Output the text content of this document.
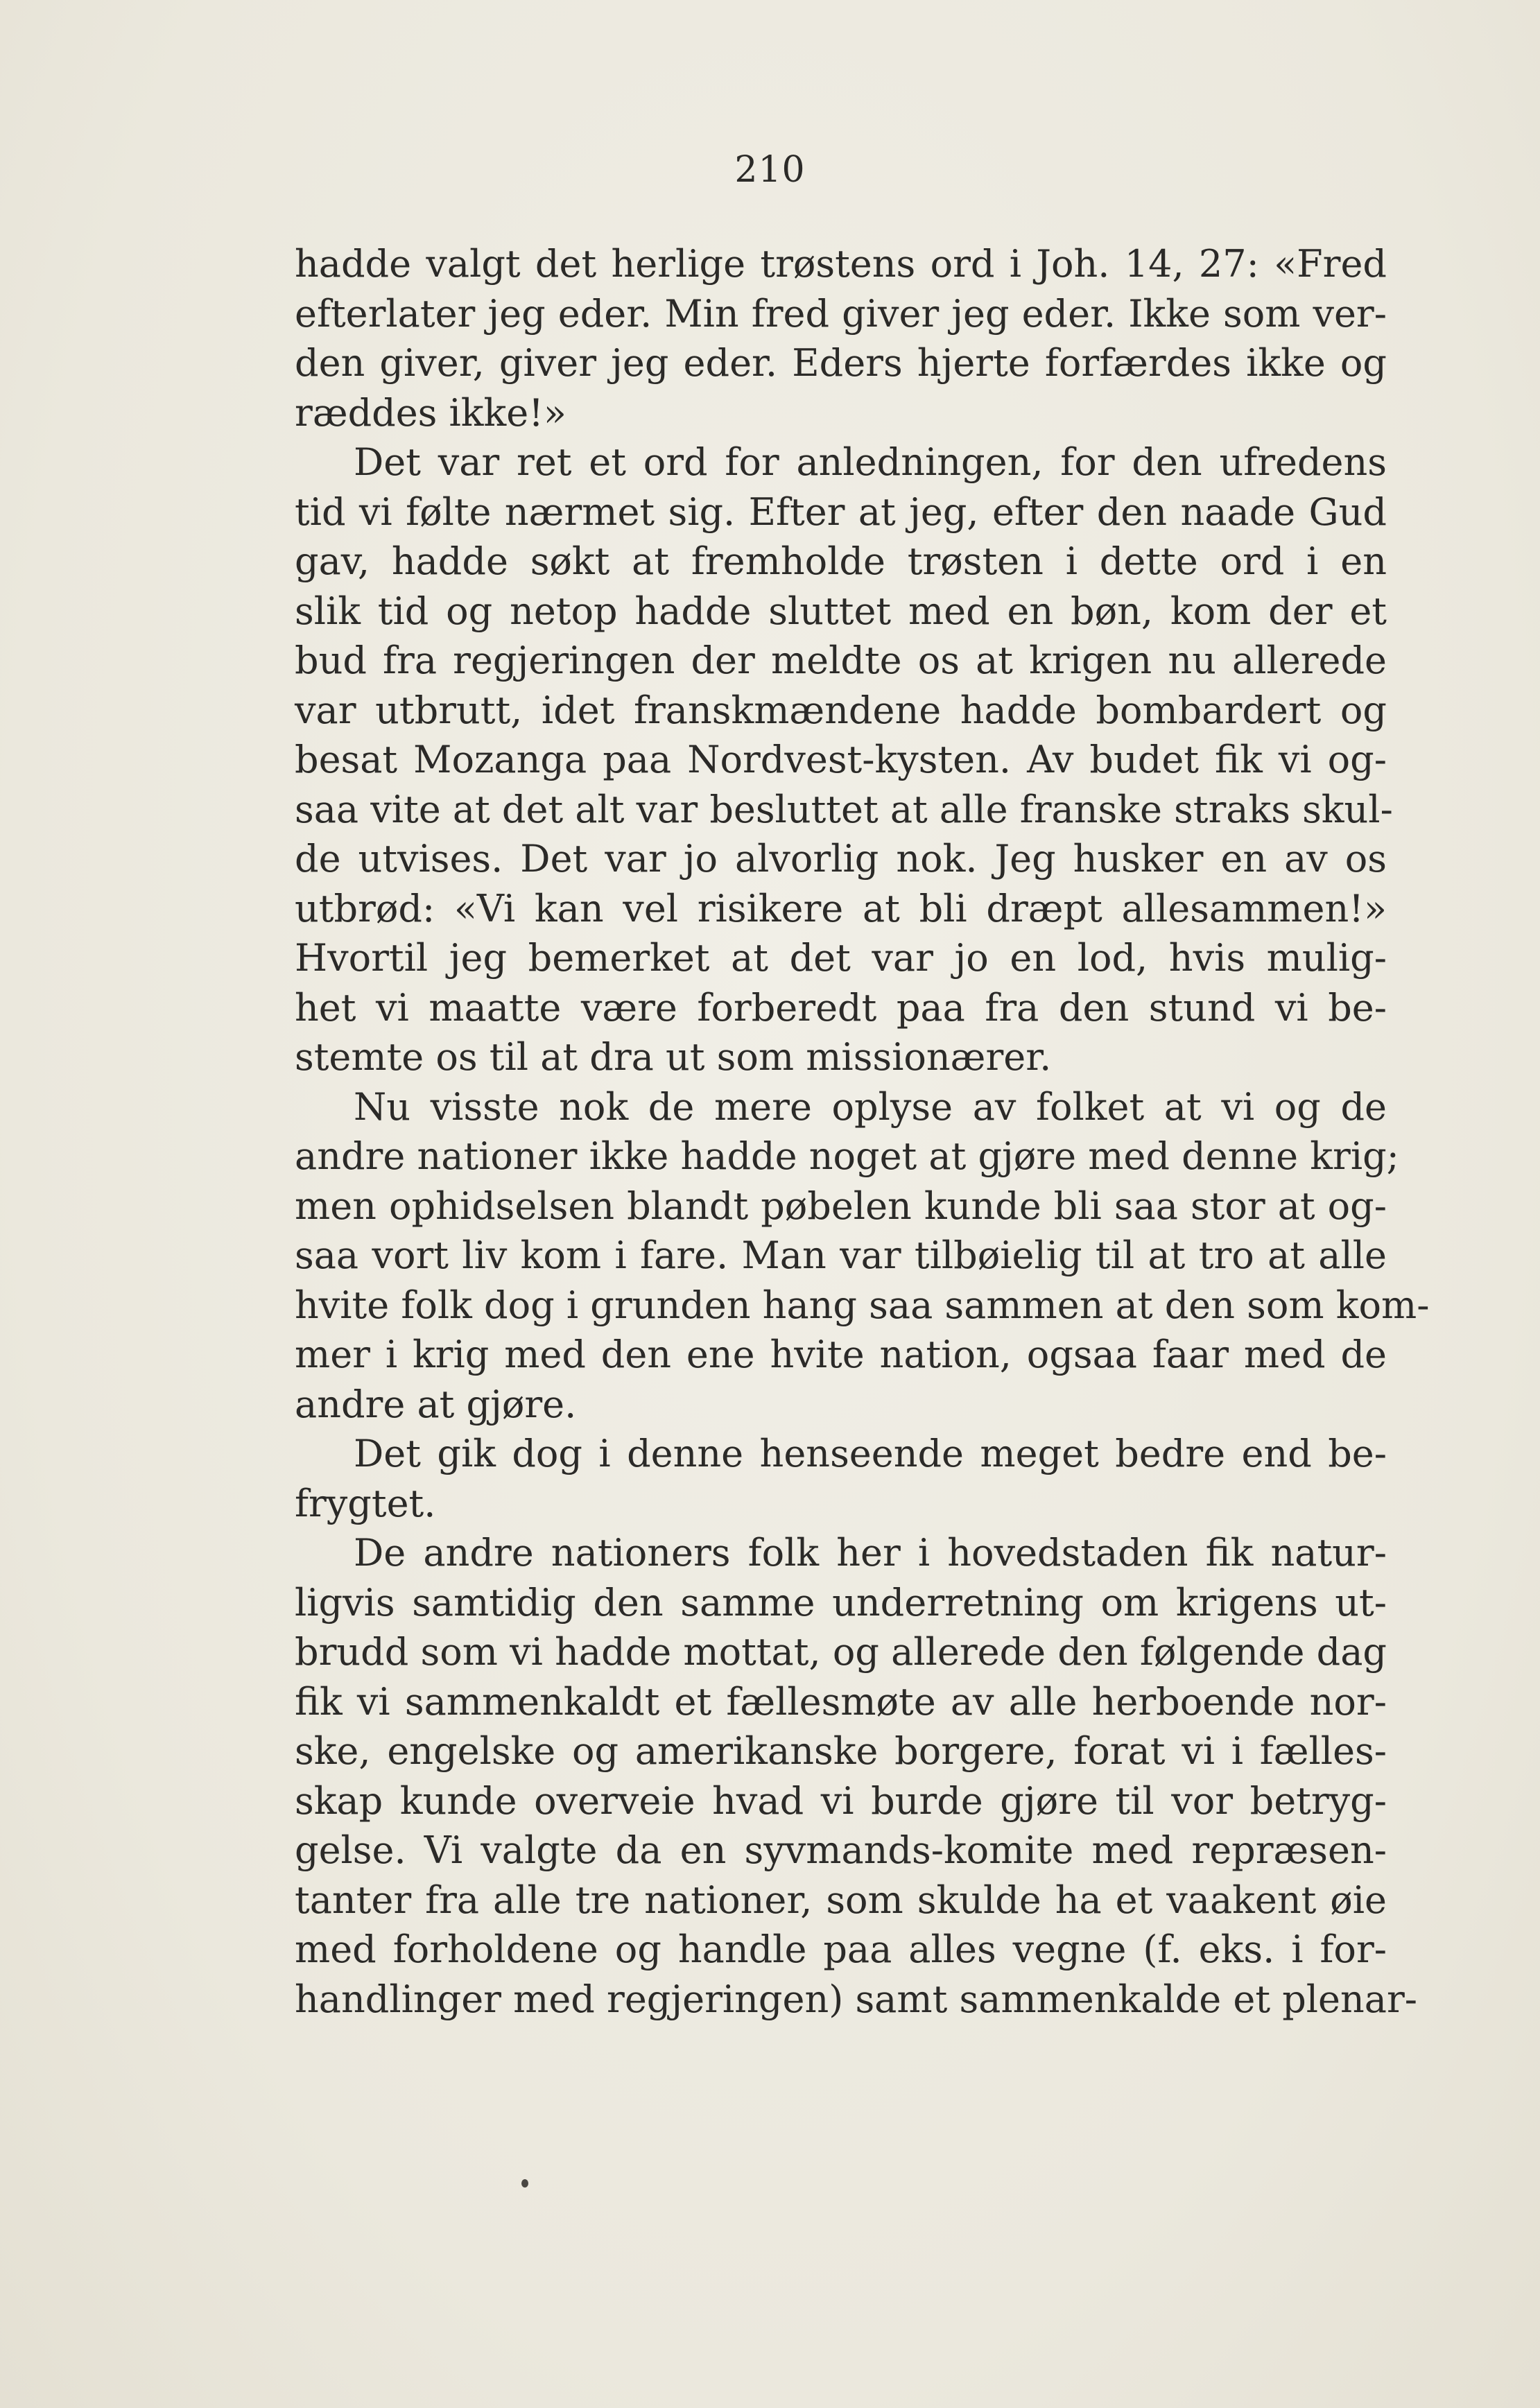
210
hadde valgt det herlige trøstens ord i Joh. 14, 27: «Fred
efterlater jeg eder. Min fred giver jeg eder. Ikke som ver-
den giver, giver jeg eder. Eders hjerte forfærdes ikke og
ræddes ikke!»
Det var ret et ord for anledningen, for den ufredens
tid vi følte nærmet sig. Efter at jeg, efter den naade Gud
gav, hadde søkt at fremholde trøsten i dette ord i en
slik tid og netop hadde sluttet med en bøn, kom der et
bud fra regjeringen der meldte os at krigen nu allerede
var utbrutt, idet franskmændene hadde bombardert og
besat Mozanga paa Nordvest-kysten. Av budet fik vi og-
saa vite at det alt var besluttet at alle franske straks skul-
de utvises. Det var jo alvorlig nok. Jeg husker en av os
utbrød: «Vi kan vel risikere at bli dræpt allesammen!»
Hvortil jeg bemerket at det var jo en lod, hvis mulig-
het vi maatte være forberedt paa fra den stund vi be-
stemte os til at dra ut som missionærer.
Nu visste nok de mere oplyse av folket at vi og de
andre nationer ikke hadde noget at gjøre med denne krig;
men ophidselsen blandt pøbelen kunde bli saa stor at og-
saa vort liv kom i fare. Man var tilbøielig til at tro at alle
hvite folk dog i grunden hang saa sammen at den som kom-
mer i krig med den ene hvite nation, ogsaa faar med de
andre at gjøre.
Det gik dog i denne henseende meget bedre end be-
frygtet.
De andre nationers folk her i hovedstaden fik natur-
ligvis samtidig den samme underretning om krigens ut-
brudd som vi hadde mottat, og allerede den følgende dag
fik vi sammenkaldt et fællesmøte av alle herboende nor-
ske, engelske og amerikanske borgere, forat vi i fælles-
skap kunde overveie hvad vi burde gjøre til vor betryg-
gelse. Vi valgte da en syvmands-komite med repræsen-
tanter fra alle tre nationer, som skulde ha et vaakent øie
med forholdene og handle paa alles vegne (f. eks. i for-
handlinger med regjeringen) samt sammenkalde et plenar-
